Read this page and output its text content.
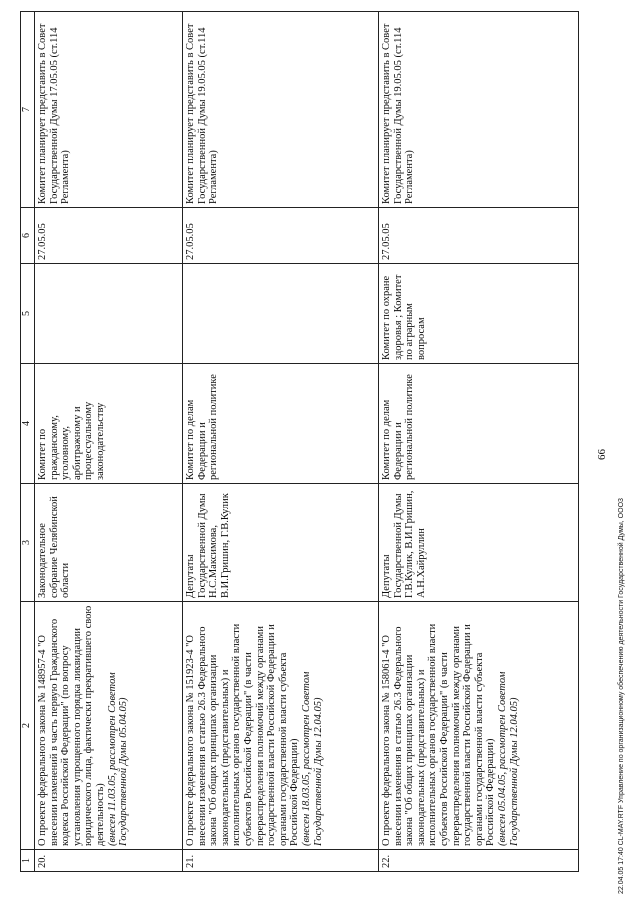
66
1	2	3	4	5	6	7
20.	О проекте федерального закона № 148957-4 "О внесении изменений в часть первую Гражданского кодекса Российской Федерации" (по вопросу установления упрощенного порядка ликвидации юридического лица, фактически прекратившего свою деятельность) (внесен 11.03.05, рассмотрен Советом Государственной Думы 05.04.05)	Законодательное собрание Челябинской области	Комитет по гражданскому, уголовному, арбитражному и процессуальному законодательству		27.05.05	Комитет планирует представить в Совет Государственной Думы 17.05.05 (ст.114 Регламента)
21.	О проекте федерального закона № 151923-4 "О внесении изменения в статью 26.3 Федерального закона "Об общих принципах организации законодательных (представительных) и исполнительных органов государственной власти субъектов Российской Федерации" (в части перераспределения полномочий между органами государственной власти Российской Федерации и органами государственной власти субъекта Российской Федерации) (внесен 18.03.05, рассмотрен Советом Государственной Думы 12.04.05)	Депутаты Государственной Думы Н.С.Максимова, В.И.Гришин, Г.В.Кулик	Комитет по делам Федерации и региональной политике		27.05.05	Комитет планирует представить в Совет Государственной Думы 19.05.05 (ст.114 Регламента)
22.	О проекте федерального закона № 158061-4 "О внесении изменения в статью 26.3 Федерального закона "Об общих принципах организации законодательных (представительных) и исполнительных органов государственной власти субъектов Российской Федерации" (в части перераспределения полномочий между органами государственной власти Российской Федерации и органами государственной власти субъекта Российской Федерации) (внесен 05.04.05, рассмотрен Советом Государственной Думы 12.04.05)	Депутаты Государственной Думы Г.В.Кулик, В.И.Гришин, А.Н.Хайруллин	Комитет по делам Федерации и региональной политике	Комитет по охране здоровья ; Комитет по аграрным вопросам	27.05.05	Комитет планирует представить в Совет Государственной Думы 19.05.05 (ст.114 Регламента)
22.04.05 17:40 CL-MAY.RTF Управление по организационному обеспечению деятельности Государственной Думы, ООО3
